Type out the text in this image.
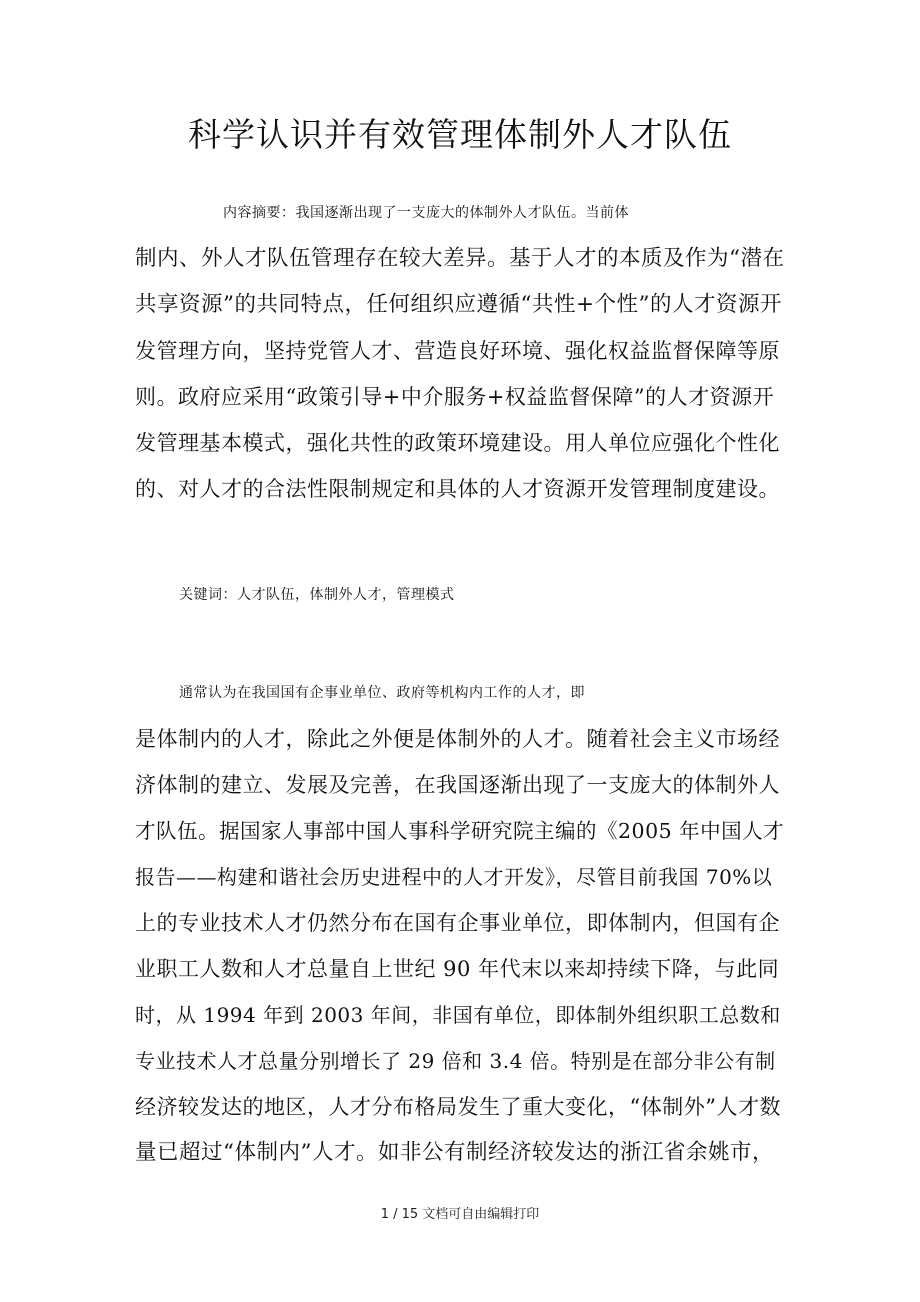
科学认识并有效管理体制外人才队伍
内容摘要：我国逐渐出现了一支庞大的体制外人才队伍。当前体
制内、外人才队伍管理存在较大差异。基于人才的本质及作为“潜在
共享资源”的共同特点，任何组织应遵循“共性+个性”的人才资源开
发管理方向，坚持党管人才、营造良好环境、强化权益监督保障等原
则。政府应采用“政策引导+中介服务+权益监督保障”的人才资源开
发管理基本模式，强化共性的政策环境建设。用人单位应强化个性化
的、对人才的合法性限制规定和具体的人才资源开发管理制度建设。
关键词：人才队伍，体制外人才，管理模式
通常认为在我国国有企事业单位、政府等机构内工作的人才，即
是体制内的人才，除此之外便是体制外的人才。随着社会主义市场经
济体制的建立、发展及完善，在我国逐渐出现了一支庞大的体制外人
才队伍。据国家人事部中国人事科学研究院主编的《2005 年中国人才
报告——构建和谐社会历史进程中的人才开发》，尽管目前我国 70%以
上的专业技术人才仍然分布在国有企事业单位，即体制内，但国有企
业职工人数和人才总量自上世纪 90 年代末以来却持续下降，与此同
时，从 1994 年到 2003 年间，非国有单位，即体制外组织职工总数和
专业技术人才总量分别增长了 29 倍和 3.4 倍。特别是在部分非公有制
经济较发达的地区，人才分布格局发生了重大变化，“体制外”人才数
量已超过“体制内”人才。如非公有制经济较发达的浙江省余姚市，
1 / 15 文档可自由编辑打印
